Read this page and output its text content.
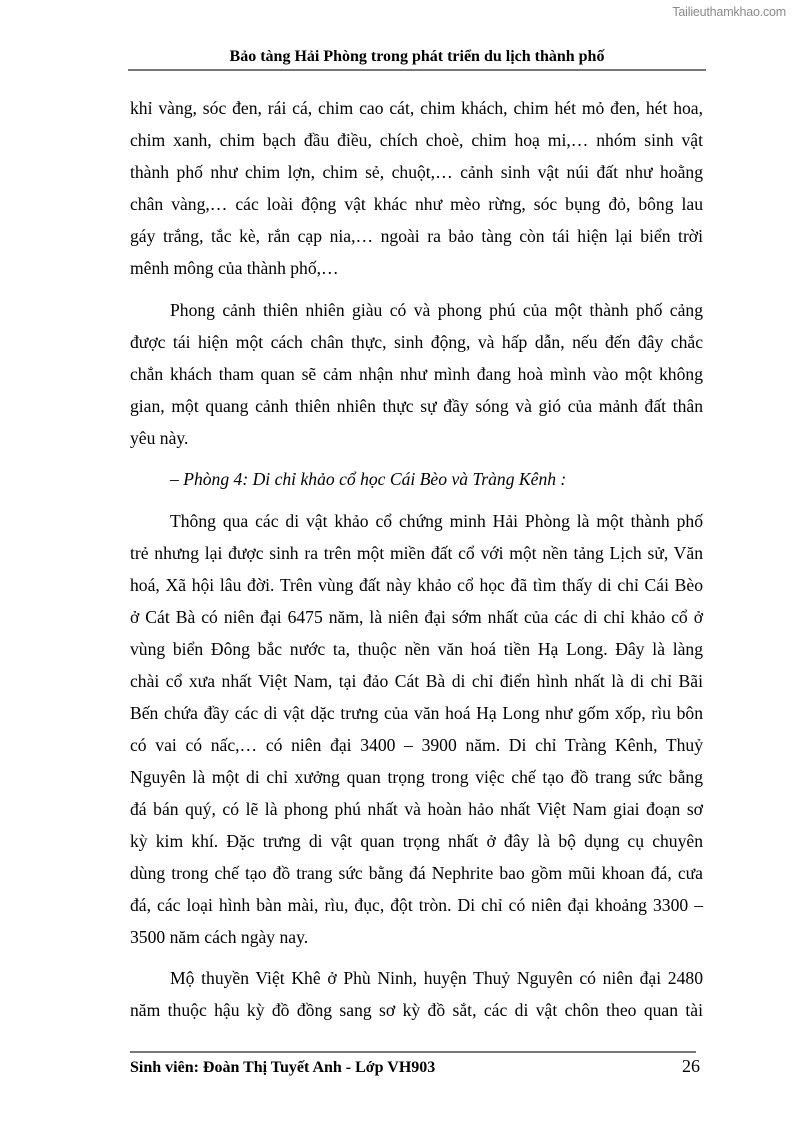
Tailieuthamkhao.com
Bảo tàng Hải Phòng trong phát triển du lịch thành phố
khỉ vàng, sóc đen, rái cá, chim cao cát, chim khách, chim hét mỏ đen, hét hoa,
chim xanh, chim bạch đầu điều, chích choè, chim hoạ mi,… nhóm sinh vật
thành phố như chim lợn, chim sẻ, chuột,… cảnh sinh vật núi đất như hoằng
chân vàng,… các loài động vật khác như mèo rừng, sóc bụng đỏ, bông lau
gáy trắng, tắc kè, rắn cạp nia,… ngoài ra bảo tàng còn tái hiện lại biển trời
mênh mông của thành phố,…
Phong cảnh thiên nhiên giàu có và phong phú của một thành phố cảng
được tái hiện một cách chân thực, sinh động, và hấp dẫn, nếu đến đây chắc
chắn khách tham quan sẽ cảm nhận như mình đang hoà mình vào một không
gian, một quang cảnh thiên nhiên thực sự đầy sóng và gió của mảnh đất thân
yêu này.
– Phòng 4: Di chỉ khảo cổ học Cái Bèo và Tràng Kênh :
Thông qua các di vật khảo cổ chứng minh Hải Phòng là một thành phố
trẻ nhưng lại được sinh ra trên một miền đất cổ với một nền tảng Lịch sử, Văn
hoá, Xã hội lâu đời. Trên vùng đất này khảo cổ học đã tìm thấy di chỉ Cái Bèo
ở Cát Bà có niên đại 6475 năm, là niên đại sớm nhất của các di chỉ khảo cổ ở
vùng biển Đông bắc nước ta, thuộc nền văn hoá tiền Hạ Long. Đây là làng
chài cổ xưa nhất Việt Nam, tại đảo Cát Bà di chỉ điển hình nhất là di chỉ Bãi
Bến chứa đầy các di vật dặc trưng của văn hoá Hạ Long như gốm xốp, rìu bôn
có vai có nấc,… có niên đại 3400 – 3900 năm. Di chỉ Tràng Kênh, Thuỷ
Nguyên là một di chỉ xưởng quan trọng trong việc chế tạo đồ trang sức bằng
đá bán quý, có lẽ là phong phú nhất và hoàn hảo nhất Việt Nam giai đoạn sơ
kỳ kim khí. Đặc trưng di vật quan trọng nhất ở đây là bộ dụng cụ chuyên
dùng trong chế tạo đồ trang sức bằng đá Nephrite bao gồm mũi khoan đá, cưa
đá, các loại hình bàn mài, rìu, đục, đột tròn. Di chỉ có niên đại khoảng 3300 –
3500 năm cách ngày nay.
Mộ thuyền Việt Khê ở Phù Ninh, huyện Thuỷ Nguyên có niên đại 2480
năm thuộc hậu kỳ đồ đồng sang sơ kỳ đồ sắt, các di vật chôn theo quan tài
Sinh viên: Đoàn Thị Tuyết Anh - Lớp VH903	26
